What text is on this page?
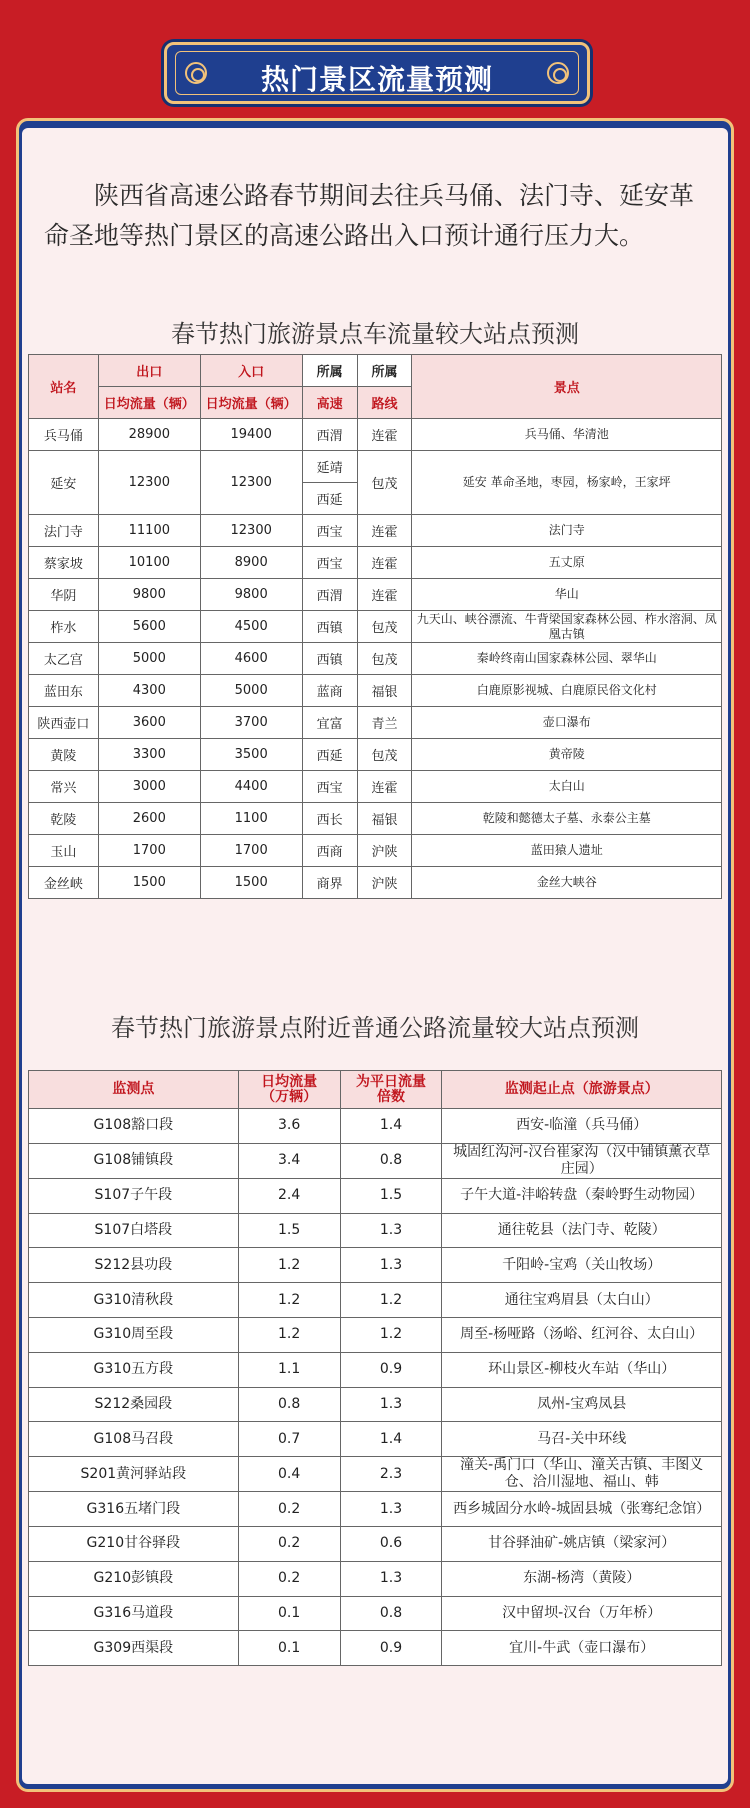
热门景区流量预测

陕西省高速公路春节期间去往兵马俑、法门寺、延安革命圣地等热门景区的高速公路出入口预计通行压力大。

春节热门旅游景点车流量较大站点预测
站名	出口	入口	所属	所属	景点
	日均流量（辆）	日均流量（辆）	高速	路线	
兵马俑	28900	19400	西渭	连霍	兵马俑、华清池
延安	12300	12300	延靖	包茂	延安 革命圣地，枣园，杨家岭，王家坪
			西延		
法门寺	11100	12300	西宝	连霍	法门寺
蔡家坡	10100	8900	西宝	连霍	五丈原
华阴	9800	9800	西渭	连霍	华山
柞水	5600	4500	西镇	包茂	九天山、峡谷漂流、牛背梁国家森林公园、柞水溶洞、凤凰古镇
太乙宫	5000	4600	西镇	包茂	秦岭终南山国家森林公园、翠华山
蓝田东	4300	5000	蓝商	福银	白鹿原影视城、白鹿原民俗文化村
陕西壶口	3600	3700	宜富	青兰	壶口瀑布
黄陵	3300	3500	西延	包茂	黄帝陵
常兴	3000	4400	西宝	连霍	太白山
乾陵	2600	1100	西长	福银	乾陵和懿德太子墓、永泰公主墓
玉山	1700	1700	西商	沪陕	蓝田猿人遗址
金丝峡	1500	1500	商界	沪陕	金丝大峡谷
春节热门旅游景点附近普通公路流量较大站点预测
监测点	日均流量（万辆）	为平日流量倍数	监测起止点（旅游景点）
G108豁口段	3.6	1.4	西安-临潼（兵马俑）
G108铺镇段	3.4	0.8	城固红沟河-汉台崔家沟（汉中铺镇薰衣草庄园）
S107子午段	2.4	1.5	子午大道-沣峪转盘（秦岭野生动物园）
S107白塔段	1.5	1.3	通往乾县（法门寺、乾陵）
S212县功段	1.2	1.3	千阳岭-宝鸡（关山牧场）
G310清秋段	1.2	1.2	通往宝鸡眉县（太白山）
G310周至段	1.2	1.2	周至-杨哑路（汤峪、红河谷、太白山）
G310五方段	1.1	0.9	环山景区-柳枝火车站（华山）
S212桑园段	0.8	1.3	凤州-宝鸡凤县
G108马召段	0.7	1.4	马召-关中环线
S201黄河驿站段	0.4	2.3	潼关-禹门口（华山、潼关古镇、丰图义仓、洽川湿地、福山、韩
G316五堵门段	0.2	1.3	西乡城固分水岭-城固县城（张骞纪念馆）
G210甘谷驿段	0.2	0.6	甘谷驿油矿-姚店镇（梁家河）
G210彭镇段	0.2	1.3	东湖-杨湾（黄陵）
G316马道段	0.1	0.8	汉中留坝-汉台（万年桥）
G309西渠段	0.1	0.9	宜川-牛武（壶口瀑布）
